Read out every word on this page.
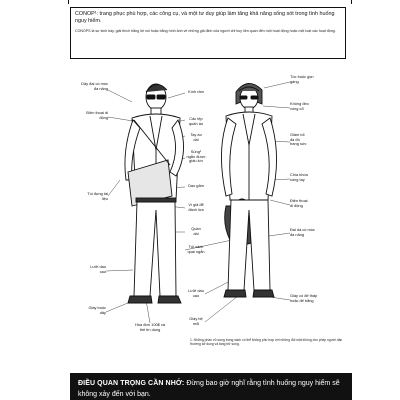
CONOP¹: trang phục phù hợp, các công cụ, và một tư duy giúp làm tăng khả năng sống sót trong tình huống nguy hiểm.

CONOPS là sự kinh bày, giải thích bằng lời nói hoặc bằng hình ảnh về những giả định của người chỉ huy liên quan đến một hoạt động hoặc một loạt các hoạt động.

Dây đai có móc
đa năng
Điện thoại di
động
Túi đựng tài
liệu
Lưỡi dao
cạo
Giày buộc
dây
Hóa đơn 100$ và
thẻ tín dụng
Kính râm
Các tệp
quấn áo
Tay áo
dài
Súng¹
ngắn được
giấu kín
Dao găm
Ví giả để
đánh lừa
Quần
dài
Túi xách
quai ngắn
Lưỡi dao
cạo
Giày bệ
mỏi
Tóc buộc gọn
gàng
Không đeo
vòng cổ
Giảm tối
đa đồ
trang sức
Chìa khóa
còng tay
Điện thoại
di động
Đai da có móc
đa năng
Giày có đế thấp
hoặc đế bằng
1. Những phần vũ sưng trong sách có thể không phù hợp với những đối mặt không cho phép người dân thường sở dụng và tàng trữ súng.
ĐIỀU QUAN TRỌNG CẦN NHỚ: Đừng bao giờ nghĩ rằng tình huống nguy hiểm sẽ không xảy đến với bạn.
